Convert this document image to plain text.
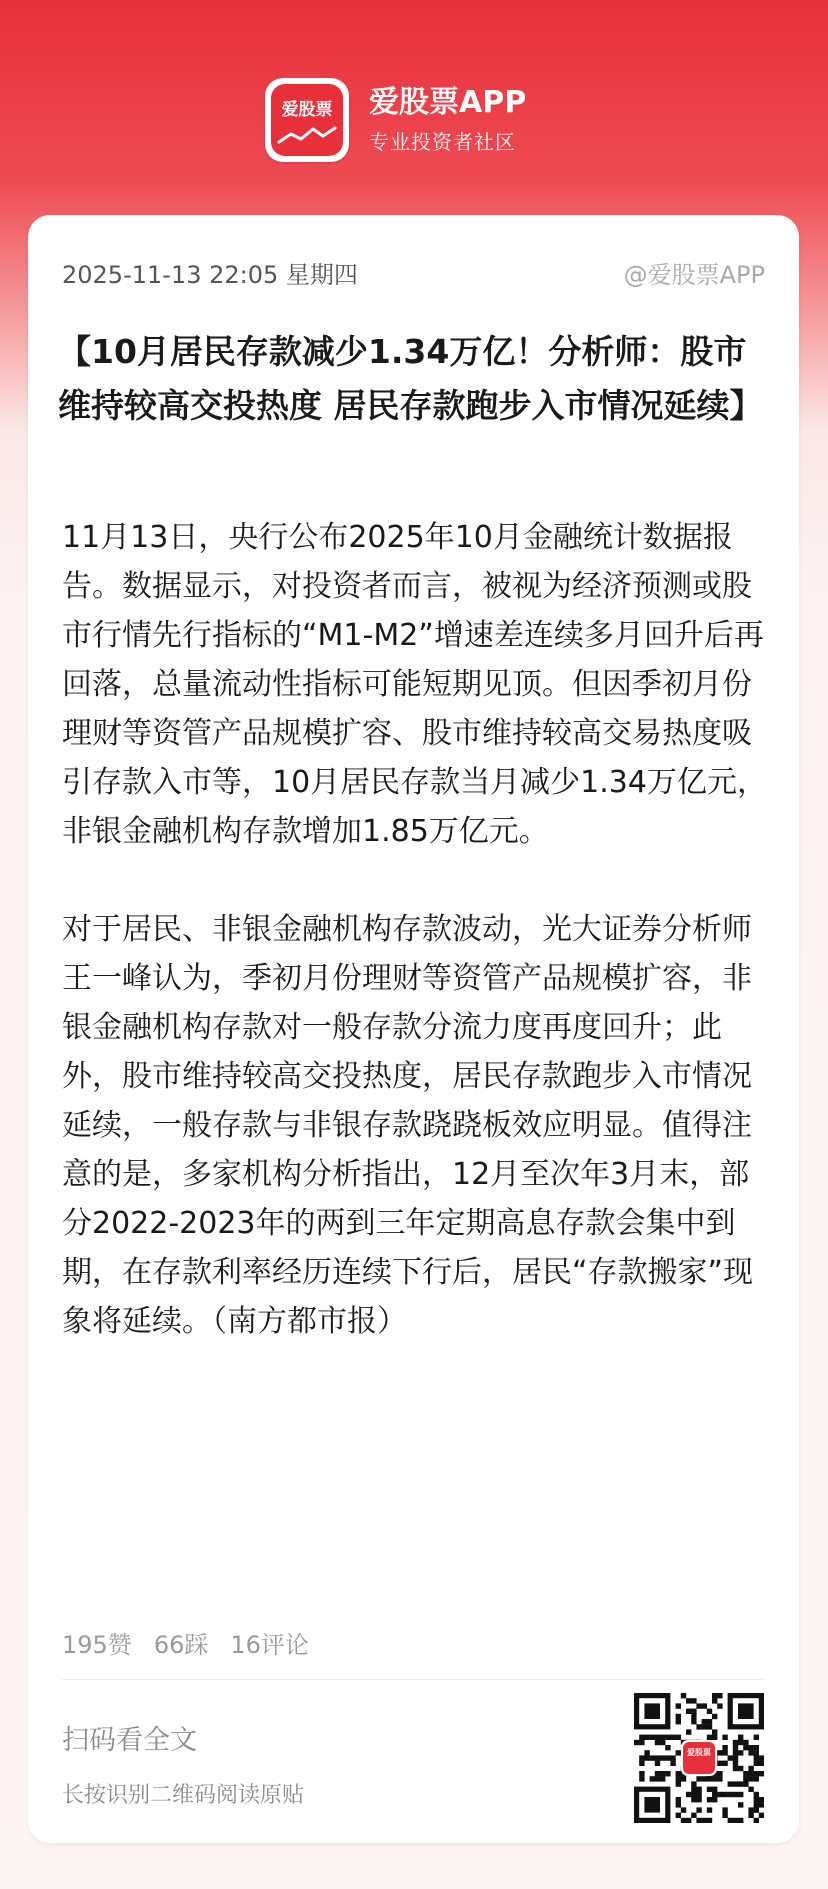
爱股票 爱股票APP
专业投资者社区
2025-11-13 22:05 星期四	@爱股票APP
【10月居民存款减少1.34万亿！分析师：股市维持较高交投热度 居民存款跑步入市情况延续】

11月13日，央行公布2025年10月金融统计数据报告。数据显示，对投资者而言，被视为经济预测或股市行情先行指标的“M1-M2”增速差连续多月回升后再回落，总量流动性指标可能短期见顶。但因季初月份理财等资管产品规模扩容、股市维持较高交易热度吸引存款入市等，10月居民存款当月减少1.34万亿元，非银金融机构存款增加1.85万亿元。

对于居民、非银金融机构存款波动，光大证券分析师王一峰认为，季初月份理财等资管产品规模扩容，非银金融机构存款对一般存款分流力度再度回升；此外，股市维持较高交投热度，居民存款跑步入市情况延续，一般存款与非银存款跷跷板效应明显。值得注意的是，多家机构分析指出，12月至次年3月末，部分2022-2023年的两到三年定期高息存款会集中到期，在存款利率经历连续下行后，居民“存款搬家”现象将延续。（南方都市报）

195赞 66踩 16评论
扫码看全文
长按识别二维码阅读原贴
爱股票
